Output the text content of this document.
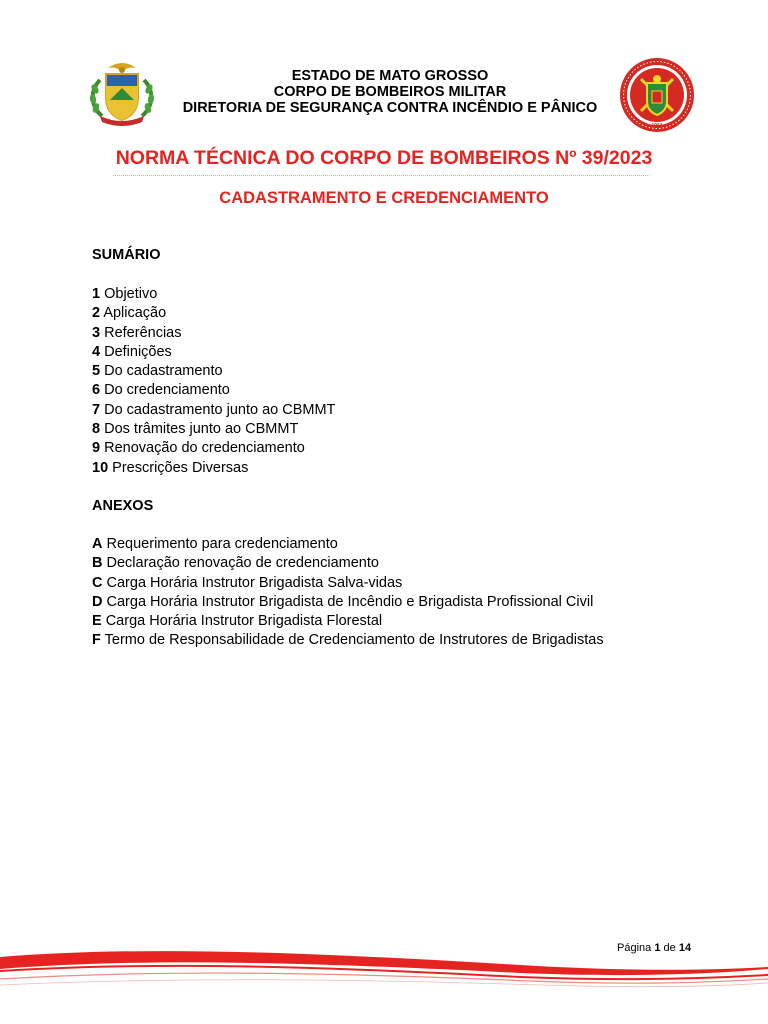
1964
ESTADO DE MATO GROSSO
CORPO DE BOMBEIROS MILITAR
DIRETORIA DE SEGURANÇA CONTRA INCÊNDIO E PÂNICO
NORMA TÉCNICA DO CORPO DE BOMBEIROS Nº 39/2023
CADASTRAMENTO E CREDENCIAMENTO
SUMÁRIO
1 Objetivo
2 Aplicação
3 Referências
4 Definições
5 Do cadastramento
6 Do credenciamento
7 Do cadastramento junto ao CBMMT
8 Dos trâmites junto ao CBMMT
9 Renovação do credenciamento
10 Prescrições Diversas
ANEXOS
A Requerimento para credenciamento
B Declaração renovação de credenciamento
C Carga Horária Instrutor Brigadista Salva-vidas
D Carga Horária Instrutor Brigadista de Incêndio e Brigadista Profissional Civil
E Carga Horária Instrutor Brigadista Florestal
F Termo de Responsabilidade de Credenciamento de Instrutores de Brigadistas
Página 1 de 14
